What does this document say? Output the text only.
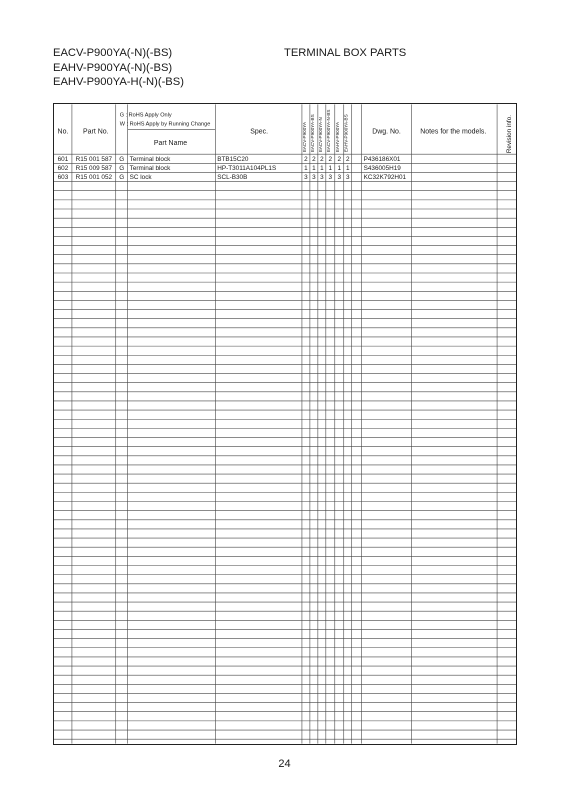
EACV-P900YA(-N)(-BS)
EAHV-P900YA(-N)(-BS)
EAHV-P900YA-H(-N)(-BS)
TERMINAL BOX PARTS
No. Part No.
G : RoHS Apply Only
W : RoHS Apply by Running Change
Part Name
Spec.	EACV-P900YA EACV-P900YA-BS EACV-P900YA-N EACV-P900YA-N-BS EAHV-P900YA EAHV-P900YA-BS	Dwg. No.	Notes for the models.	Revision info.
601 R15 001 587 G Terminal block	BTB15C20	2 2 2 2 2 2 P436186X01
602 R15 009 587 G Terminal block	HP-T3011A104PL1S	1 1 1 1 1 1 S436005H19
603 R15 001 052 G SC lock	SCL-B30B	3 3 3 3 3 3 KC32K792H01
24
